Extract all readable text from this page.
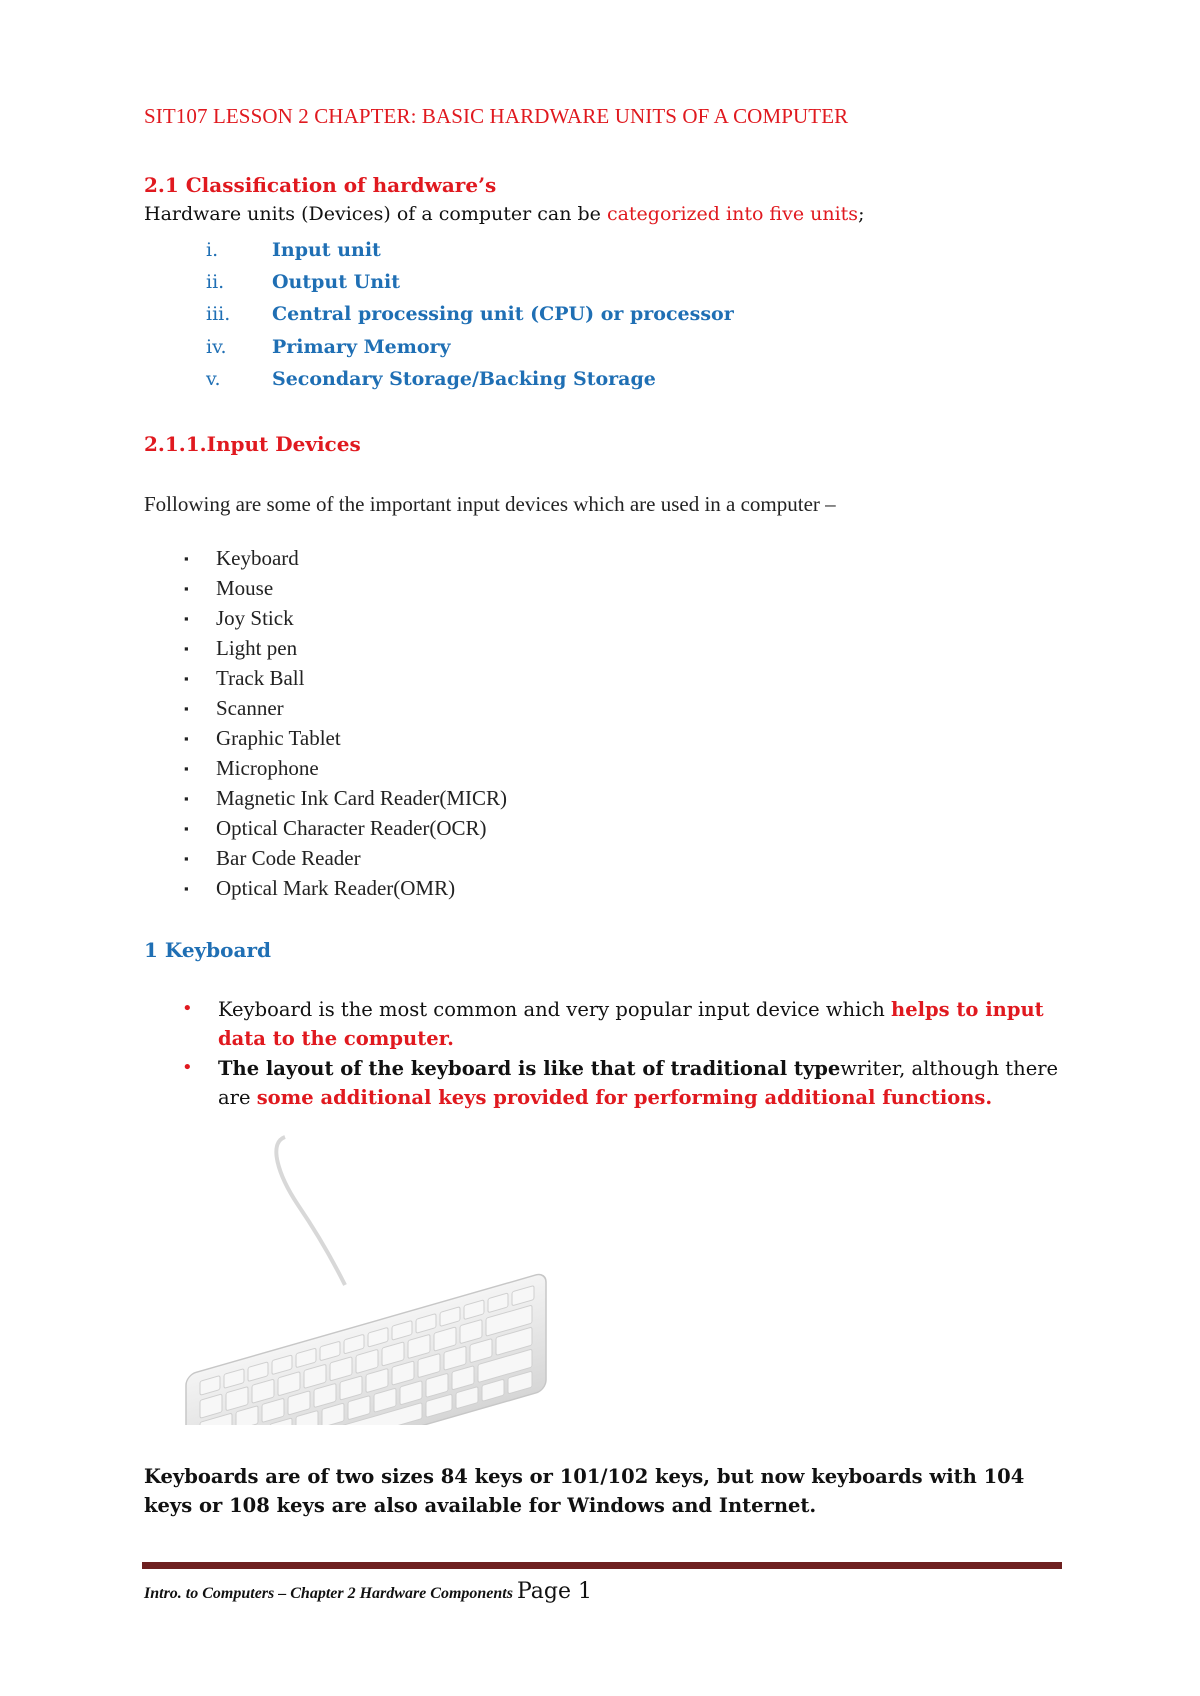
SIT107 LESSON 2 CHAPTER: BASIC HARDWARE UNITS OF A COMPUTER

2.1 Classification of hardware’s

Hardware units (Devices) of a computer can be categorized into five units;

i.	Input unit
ii.	Output Unit
iii. Central processing unit (CPU) or processor
iv. Primary Memory
v.	Secondary Storage/Backing Storage

2.1.1.Input Devices

Following are some of the important input devices which are used in a computer –

▪ Keyboard
▪ Mouse
▪ Joy Stick
▪ Light pen
▪ Track Ball
▪ Scanner
▪ Graphic Tablet
▪ Microphone
▪ Magnetic Ink Card Reader(MICR)
▪ Optical Character Reader(OCR)
▪ Bar Code Reader
▪ Optical Mark Reader(OMR)

1 Keyboard

• Keyboard is the most common and very popular input device which helps to input data to the computer.

• The layout of the keyboard is like that of traditional typewriter, although there are some additional keys provided for performing additional functions.

Keyboards are of two sizes 84 keys or 101/102 keys, but now keyboards with 104 keys or 108 keys are also available for Windows and Internet.

Intro. to Computers – Chapter 2 Hardware Components Page 1
